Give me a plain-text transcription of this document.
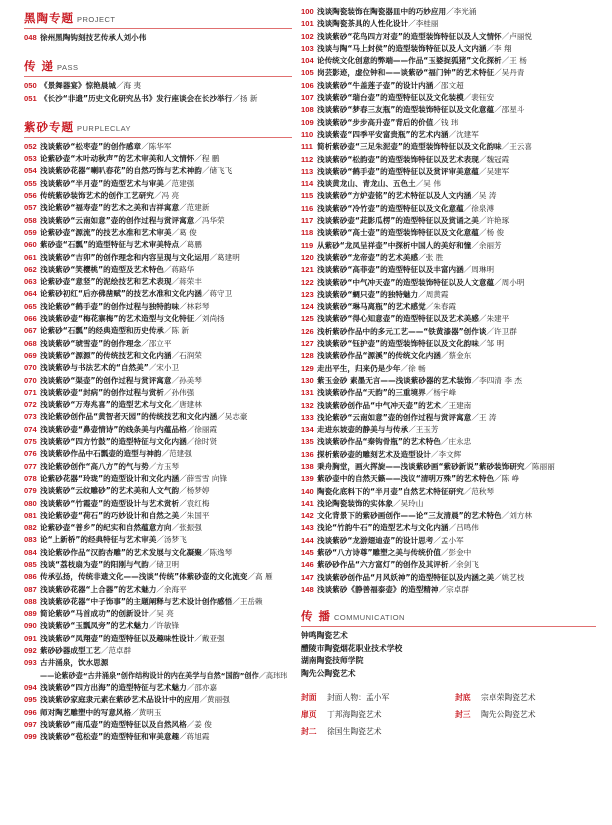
黑陶专题 PROJECT
048 徐州黑陶钩刻技艺传承人刘小伟
传 递 PASS
050 《景舞器宴》惊艳晨城 ／海 夷
051 《长沙“非遗”历史文化研究丛书》发行座谈会在长沙举行 ／扬 新
紫砂专题 PURPLECLAY
052 浅谈紫砂“松枣壶”的创作感章 ／陈华军
053 论紫砂壶“木叶动秋声”的艺术审美和人文情怀 ／程 鹏
054 浅谈紫砂花器“喇叭春花”的自然巧饰与艺术神韵 ／储飞飞
055 浅谈紫砂“半月壶”的造型艺术与审美 ／范建强
056 传统紫砂装饰艺术的创作工艺研究 ／冯 亮
057 浅论紫砂“福寿壶”的艺术之美和吉祥寓意 ／范建新
058 浅谈紫砂“云南如意”壶的创作过程与赏评寓意 ／冯华荣
059 论紫砂壶“源流”的技艺水准和艺术审美 ／葛 俊
060 紫砂壶“石瓢”的造型特征与艺术审美特点 ／葛鹏
061 浅谈紫砂“吉卯”的创作理念和内容呈现与文化运用 ／葛建明
062 浅谈紫砂“笑樱桃”的造型及艺术特色 ／蒋路华
063 论紫砂壶“意竖”的泥绘技艺和艺术表现 ／蒋荣丰
064 论紫砂初红“后亦佛凿赋”的技艺水准和文化内涵 ／蒋守卫
065 浅论紫砂“鹤手壶”的创作过程与独特韵味 ／林彩琴
066 浅谈紫砂壶“梅花寨梅”的艺术造型与文化特征 ／刘尚扬
067 论紫砂“石瓢”的经典造型和历史传承 ／陈 新
068 浅谈紫砂“琥雪壶”的创作理念 ／邵立平
069 浅谈紫砂“源源”的传统技艺和文化内涵 ／石润荣
070 浅谈紫砂与书法艺术的“自然美” ／宋小卫
070 浅谈紫砂“渠壶”的创作过程与赏评寓意 ／孙美琴
071 浅谈紫砂壶“封病”的创作过程与赏析 ／孙伟强
072 浅谈紫砂“万寿兆喜”的造型艺术与文化 ／唐建林
073 浅论紫砂创作品“黄智者天园”的传统技艺和文化内涵 ／吴志豪
074 浅谈紫砂壶“鼻壶情诗”的线条美与内蕴品格 ／徐丽霞
075 浅谈紫砂“四方竹鼓”的造型特征与文化内涵 ／徐时贤
076 浅谈紫砂作品中石瓢壶的造型与神韵 ／范建强
077 浅论紫砂创作“高八方”的气与势 ／方玉琴
078 论紫砂花器“玲珑”的造型设计和文化内涵 ／薛雪雪 向锋
079 浅谈紫砂“云纹雕砂”的艺术美和人文气韵 ／杨梦婷
080 浅谈紫砂“竹霞壶”的造型设计与艺术赏析 ／袁红梅
081 浅论紫砂壶“荷石”的巧妙设计和自然之美 ／朱国平
082 论紫砂壶“普乡”的纪实和自然蕴意方向 ／张振强
083 论“上新桥”的经典特征与艺术审美 ／汤梦飞
084 浅论紫砂作品“汉韵杏雕”的艺术发展与文化凝聚 ／陈逸琴
085 浅谈“荔枝扇为壶”的阳刚与气韵 ／储卫明
086 传承弘扬，传统非遗文化——浅谈“传统”体紫砂壶的文化流变 ／高 雁
087 浅谈紫砂花器“上合器”的艺术魅力 ／余海平
088 浅谈紫砂花器“中子饰事”的主题阐释与艺术设计创作感悟 ／王岳赖
089 简论紫砂“马首成功”的创新设计 ／吴 亮
090 浅谈紫砂“玉瓢凤旁”的艺术魅力 ／许敏锋
091 浅谈紫砂“凤翔壶”的造型特征以及趣味性设计 ／戴亚强
092 紫砂砂器成型工艺 ／范卓群
093 古井涌泉，饮水思源
——论紫砂壶“古井涌泉”创作结构设计的内在美学与自然“国韵”创作 ／高玮玮
094 浅谈紫砂“四方出海”的造型特征与艺术魅力 ／邵亦嘉
095 浅谈紫砂家庭隶元素在紫砂艺术品设计中的应用 ／黄丽强
096 师对陶艺雕塑中的写意风格 ／黄明玉
097 浅谈紫砂“南瓜壶”的造型特征以及自然风格 ／姜 俊
099 浅谈紫砂“苞松壶”的造型特征和审美意趣 ／蒋旭霞
100 浅谈陶瓷装饰在陶瓷器皿中的巧妙应用 ／李光涌
101 浅谈陶瓷茶具的人性化设计 ／李桂丽
102 浅谈紫砂“花鸟四方对壶”的造型装饰特征以及人文情怀 ／卢丽悦
103 浅谈与陶“马上封侯”的造型装饰特征以及人文内涵 ／李 翔
104 论传统文化创意的弊端——作品“玉婆捉狐猪”文化探析 ／王 杨
105 岗芸影迹，虚位钟和——谈紫砂“福门钟”的艺术特征 ／吴丹青
106 浅谈紫砂“牛盖莲子壶”的设计内涵 ／邵文超
107 浅谈紫砂“瑞台壶”的造型特征以及文化装模 ／裴钰安
108 浅谈紫砂“梦春三友瓶”的造型装饰特征以及文化意蕴 ／邵星斗
109 浅谈紫砂“步步高升壶”背后的价值 ／钱 玮
110 浅谈紫壶“四季平安富贵瓶”的艺术内涵 ／沈建军
111 简析紫砂壶“三足朱泥壶”的造型装饰特征以及文化韵味 ／王云喜
112 浅谈紫砂“松韵壶”的造型装饰特征以及艺术表现 ／魏冠霞
113 浅谈紫砂“鹤手壶”的造型特征以及赏评审美意蕴 ／吴建军
114 浅谈黄龙山、青龙山、五色土 ／吴 伟
115 浅谈紫砂“方炉壶铭”的艺术特征以及人文内涵 ／吴 涛
116 浅谈紫砂“冷竹壶”的造型特征以及文化意蕴 ／徐泉溥
117 浅谈紫砂壶“茈影瓜楞”的造型特征以及赏诵之美 ／许艳琢
118 浅谈紫砂“高士壶”的造型装饰特征以及文化意蕴 ／杨 俊
119 从紫砂“龙凤呈祥壶”中探析中国人的美好和憧 ／余丽芳
120 浅谈紫砂“龙帝壶”的艺术美感 ／张 胜
121 浅谈紫砂“高菲壶”的造型特征以及丰富内涵 ／周琳明
122 浅谈紫砂“中气冲天壶”的造型装饰特征以及人文意蕴 ／周小明
123 浅谈紫砂“蜩只壶”的独特魅力 ／周黄霞
124 浅谈紫砂“琳马离瓶”的艺术感觉 ／朱春霞
125 浅谈紫砂“得心知意壶”的造型特征以及艺术美感 ／朱建平
126 浅析紫砂作品中的多元工艺——“铁黄漆器”创作谈 ／许卫群
127 浅谈紫砂“钰护壶”的造型装饰特征以及文化韵味 ／邹 明
128 浅谈紫砂作品“源溪”的传统文化内涵 ／蔡金东
129 走出平生，归来仍是少年 ／徐 畅
130 紫玉金砂 素墨无言——浅谈紫砂器的艺术装饰 ／李四清 李 杰
131 浅谈紫砂作品“天韵”的三重境界 ／杨宇峰
132 浅谈紫砂创作品“中气冲天壶”的艺术 ／王建南
133 浅论紫砂“云南如意”壶的创作过程与赏评寓意 ／王 涛
134 走进东坡壶的静美与与传承 ／王玉芳
135 浅谈紫砂作品“秦钩骨瓶”的艺术特色 ／庄永忠
136 探析紫砂壶的雕刻艺术及造型设计 ／李文辉
138 秉舟胸堂，画火挥旋——浅谈紫砂画“紫砂新说”紫砂装饰研究 ／陈丽丽
139 紫砂壶中的自然天籁——浅议“清明万殊”的艺术特色 ／陈 峥
140 陶瓷化底料下的“半月壶”自然艺术特征研究 ／范秋琴
141 浅论陶瓷装饰的实体象 ／吴玲山
142 文化背景下的紫砂画创作——论“三友清晨”的艺术特色 ／刘方林
143 浅论“竹韵牛石”的造型艺术与文化内涵 ／吕鸣伟
144 浅谈紫砂“龙游翅迪壶”的设计思考 ／孟小军
145 紫砂“八方诗尊”雕塑之美与传统价值 ／彭金中
146 紫砂砂作品“六方富灯”的创作及其评析 ／余剑飞
147 浅谈紫砂创作品“月风妖神”的造型特征以及内涵之美 ／姚艺枝
148 浅谈紫砂《静善福泰壶》的造型精神 ／宗卓群
传 播 COMMUNICATION
钟鸣陶瓷艺术
醴陵市陶瓷烟花职业技术学校
湖南陶瓷技师学院
陶先公陶瓷艺术
封面	封面人物：孟小军	封底	宗卓荣陶瓷艺术
扉页	丁邦海陶瓷艺术	封三	陶先公陶瓷艺术
封二	徐国生陶瓷艺术
